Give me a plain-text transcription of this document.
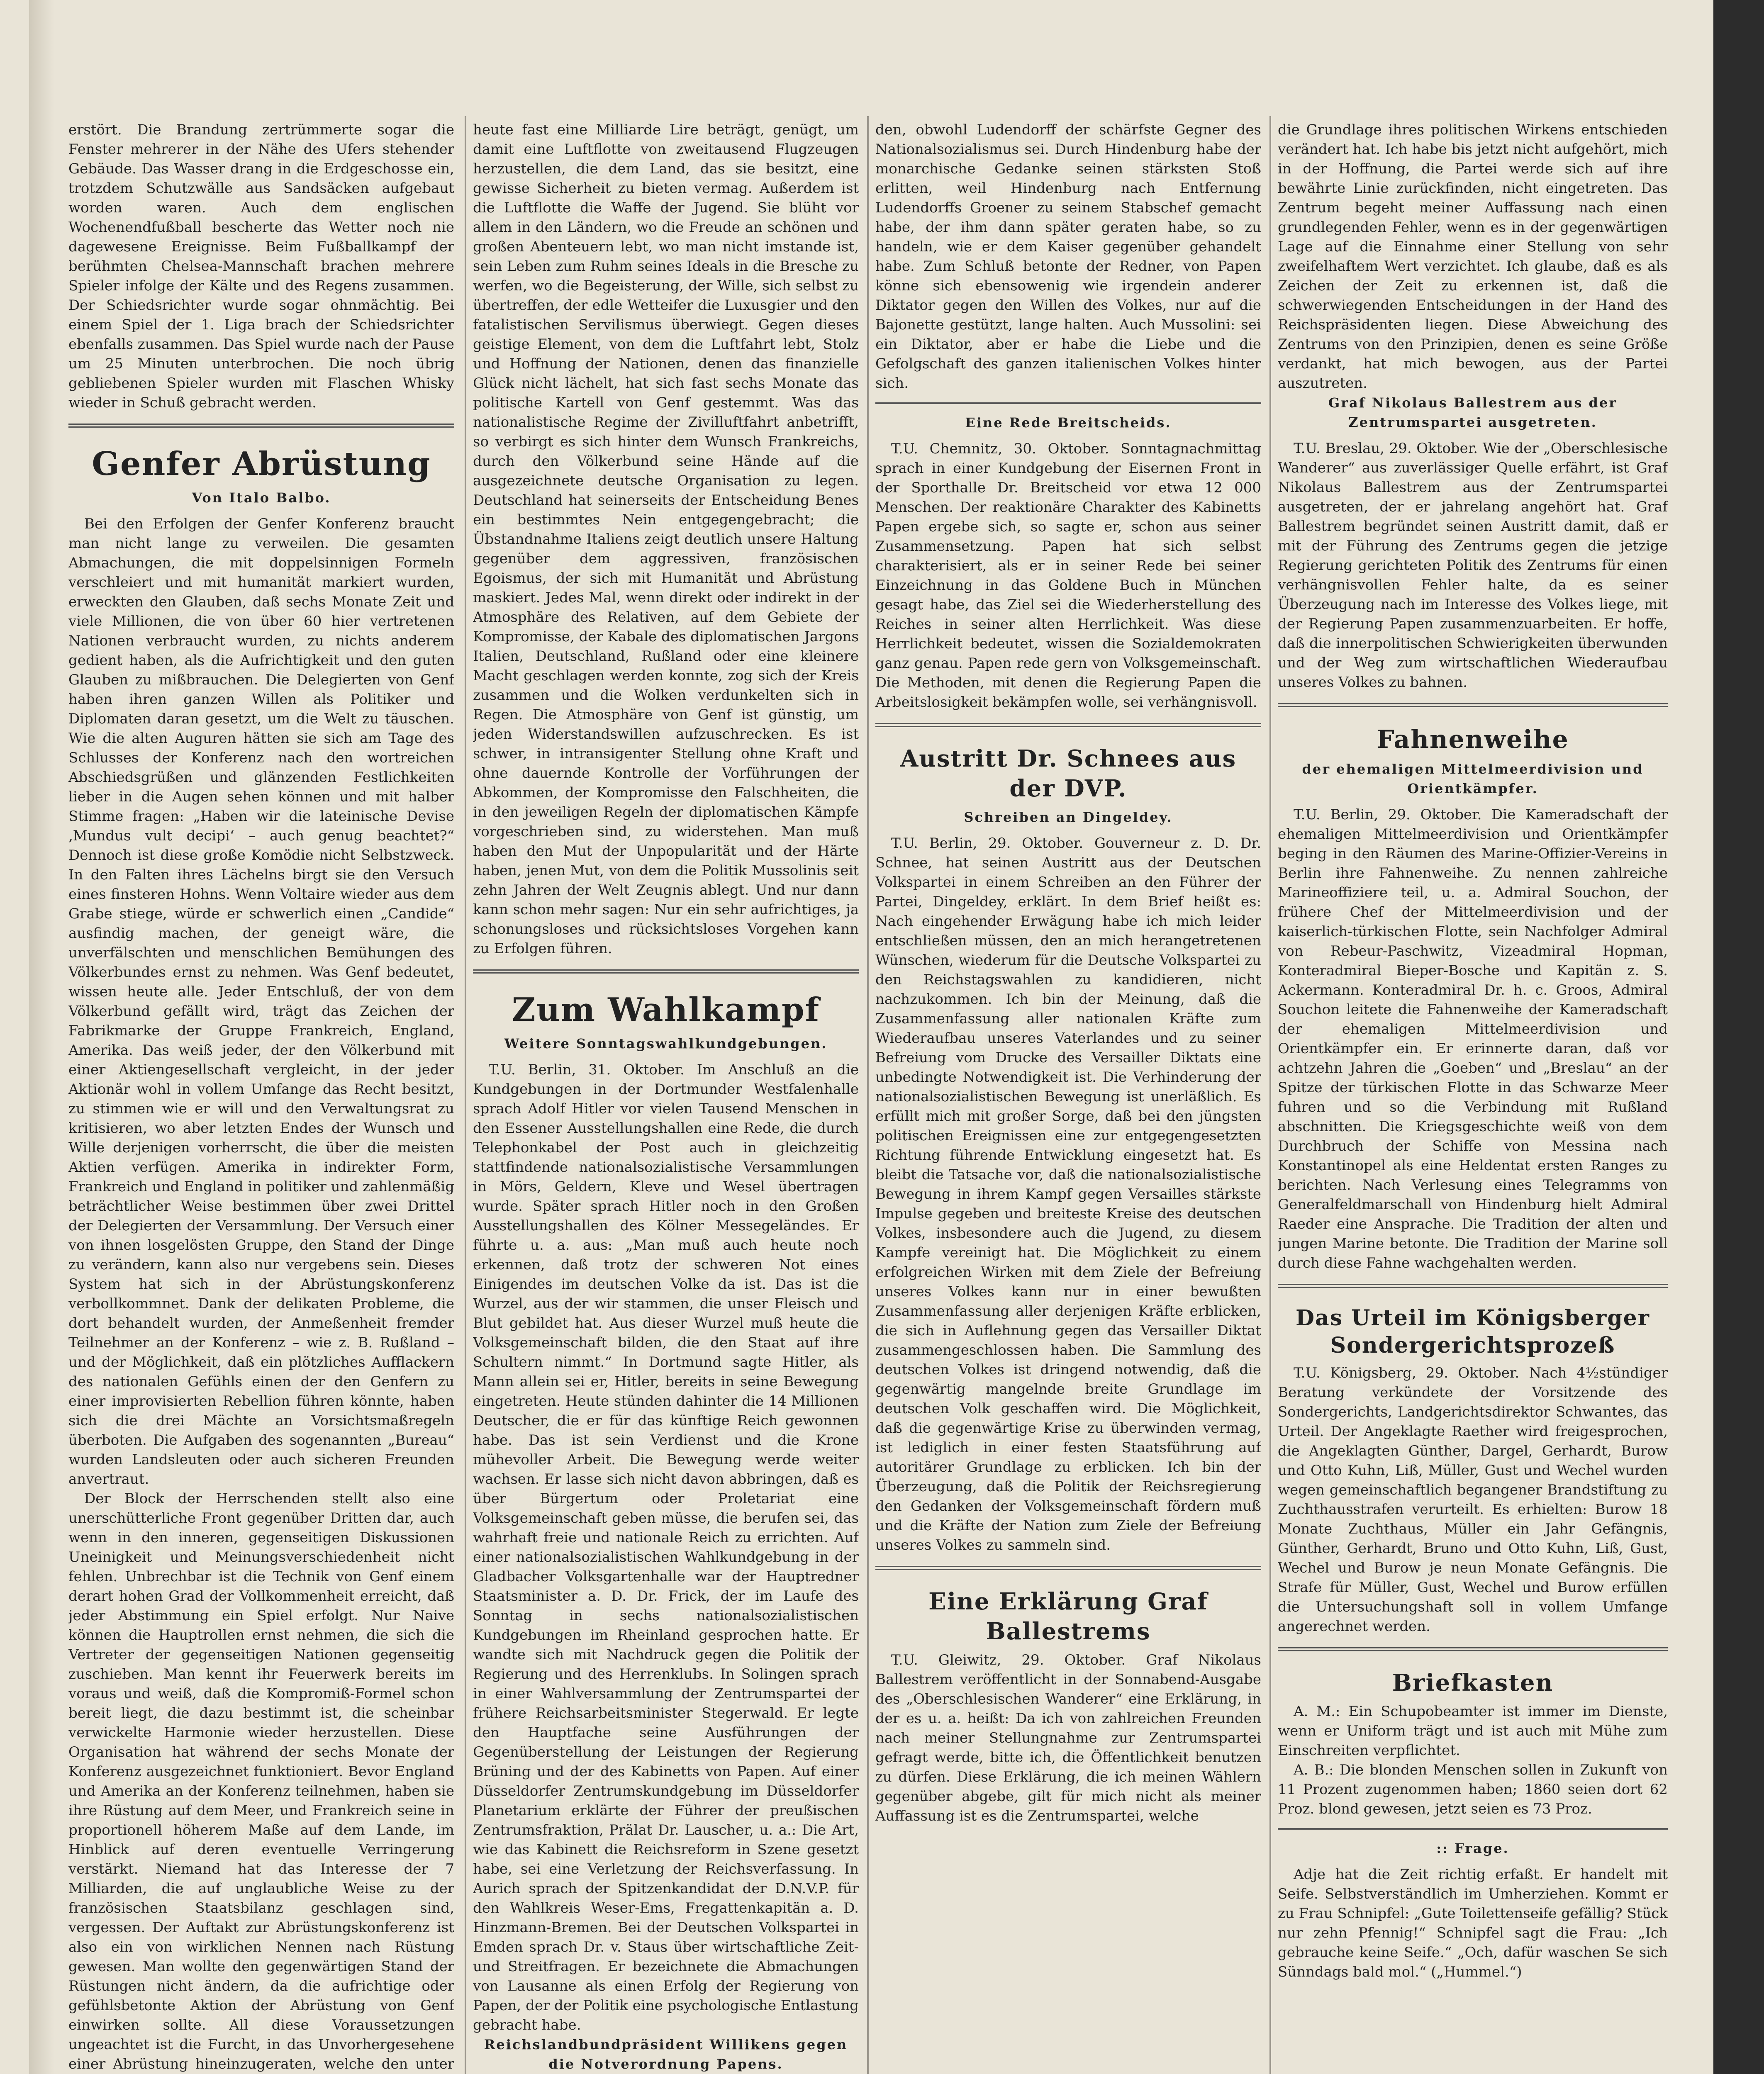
erstört. Die Brandung zertrümmerte sogar die Fenster mehrerer in der Nähe des Ufers stehender Gebäude. Das Wasser drang in die Erdgeschosse ein, trotzdem Schutzwälle aus Sandsäcken aufgebaut worden waren. Auch dem englischen Wochenendfußball bescherte das Wetter noch nie dagewesene Ereignisse. Beim Fußballkampf der berühmten Chelsea-Mannschaft brachen mehrere Spieler infolge der Kälte und des Regens zusammen. Der Schiedsrichter wurde sogar ohnmächtig. Bei einem Spiel der 1. Liga brach der Schiedsrichter ebenfalls zusammen. Das Spiel wurde nach der Pause um 25 Minuten unterbrochen. Die noch übrig gebliebenen Spieler wurden mit Flaschen Whisky wieder in Schuß gebracht werden.

Genfer Abrüstung
Von Italo Balbo.

Bei den Erfolgen der Genfer Konferenz braucht man nicht lange zu verweilen. Die gesamten Abmachungen, die mit doppelsinnigen Formeln verschleiert und mit humanität markiert wurden, erweckten den Glauben, daß sechs Monate Zeit und viele Millionen, die von über 60 hier vertretenen Nationen verbraucht wurden, zu nichts anderem gedient haben, als die Aufrichtigkeit und den guten Glauben zu mißbrauchen. Die Delegierten von Genf haben ihren ganzen Willen als Politiker und Diplomaten daran gesetzt, um die Welt zu täuschen. Wie die alten Auguren hätten sie sich am Tage des Schlusses der Konferenz nach den wortreichen Abschiedsgrüßen und glänzenden Festlichkeiten lieber in die Augen sehen können und mit halber Stimme fragen: „Haben wir die lateinische Devise ‚Mundus vult decipi‘ – auch genug beachtet?“ Dennoch ist diese große Komödie nicht Selbstzweck. In den Falten ihres Lächelns birgt sie den Versuch eines finsteren Hohns. Wenn Voltaire wieder aus dem Grabe stiege, würde er schwerlich einen „Candide“ ausfindig machen, der geneigt wäre, die unverfälschten und menschlichen Bemühungen des Völkerbundes ernst zu nehmen. Was Genf bedeutet, wissen heute alle. Jeder Entschluß, der von dem Völkerbund gefällt wird, trägt das Zeichen der Fabrikmarke der Gruppe Frankreich, England, Amerika. Das weiß jeder, der den Völkerbund mit einer Aktiengesellschaft vergleicht, in der jeder Aktionär wohl in vollem Umfange das Recht besitzt, zu stimmen wie er will und den Verwaltungsrat zu kritisieren, wo aber letzten Endes der Wunsch und Wille derjenigen vorherrscht, die über die meisten Aktien verfügen. Amerika in indirekter Form, Frankreich und England in politiker und zahlenmäßig beträchtlicher Weise bestimmen über zwei Drittel der Delegierten der Versammlung. Der Versuch einer von ihnen losgelösten Gruppe, den Stand der Dinge zu verändern, kann also nur vergebens sein. Dieses System hat sich in der Abrüstungskonferenz verbollkommnet. Dank der delikaten Probleme, die dort behandelt wurden, der Anmeßenheit fremder Teilnehmer an der Konferenz – wie z. B. Rußland – und der Möglichkeit, daß ein plötzliches Aufflackern des nationalen Gefühls einen der den Genfern zu einer improvisierten Rebellion führen könnte, haben sich die drei Mächte an Vorsichtsmaßregeln überboten. Die Aufgaben des sogenannten „Bureau“ wurden Landsleuten oder auch sicheren Freunden anvertraut.

Der Block der Herrschenden stellt also eine unerschütterliche Front gegenüber Dritten dar, auch wenn in den inneren, gegenseitigen Diskussionen Uneinigkeit und Meinungsverschiedenheit nicht fehlen. Unbrechbar ist die Technik von Genf einem derart hohen Grad der Vollkommenheit erreicht, daß jeder Abstimmung ein Spiel erfolgt. Nur Naive können die Hauptrollen ernst nehmen, die sich die Vertreter der gegenseitigen Nationen gegenseitig zuschieben. Man kennt ihr Feuerwerk bereits im voraus und weiß, daß die Kompromiß-Formel schon bereit liegt, die dazu bestimmt ist, die scheinbar verwickelte Harmonie wieder herzustellen. Diese Organisation hat während der sechs Monate der Konferenz ausgezeichnet funktioniert. Bevor England und Amerika an der Konferenz teilnehmen, haben sie ihre Rüstung auf dem Meer, und Frankreich seine in proportionell höherem Maße auf dem Lande, im Hinblick auf deren eventuelle Verringerung verstärkt. Niemand hat das Interesse der 7 Milliarden, die auf unglaubliche Weise zu der französischen Staatsbilanz geschlagen sind, vergessen. Der Auftakt zur Abrüstungskonferenz ist also ein von wirklichen Nennen nach Rüstung gewesen. Man wollte den gegenwärtigen Stand der Rüstungen nicht ändern, da die aufrichtige oder gefühlsbetonte Aktion der Abrüstung von Genf einwirken sollte. All diese Voraussetzungen ungeachtet ist die Furcht, in das Unvorhergesehene einer Abrüstung hineinzugeraten, welche den unter

heute fast eine Milliarde Lire beträgt, genügt, um damit eine Luftflotte von zweitausend Flugzeugen herzustellen, die dem Land, das sie besitzt, eine gewisse Sicherheit zu bieten vermag. Außerdem ist die Luftflotte die Waffe der Jugend. Sie blüht vor allem in den Ländern, wo die Freude an schönen und großen Abenteuern lebt, wo man nicht imstande ist, sein Leben zum Ruhm seines Ideals in die Bresche zu werfen, wo die Begeisterung, der Wille, sich selbst zu übertreffen, der edle Wetteifer die Luxusgier und den fatalistischen Servilismus überwiegt. Gegen dieses geistige Element, von dem die Luftfahrt lebt, Stolz und Hoffnung der Nationen, denen das finanzielle Glück nicht lächelt, hat sich fast sechs Monate das politische Kartell von Genf gestemmt. Was das nationalistische Regime der Zivilluftfahrt anbetrifft, so verbirgt es sich hinter dem Wunsch Frankreichs, durch den Völkerbund seine Hände auf die ausgezeichnete deutsche Organisation zu legen. Deutschland hat seinerseits der Entscheidung Benes ein bestimmtes Nein entgegengebracht; die Übstandnahme Italiens zeigt deutlich unsere Haltung gegenüber dem aggressiven, französischen Egoismus, der sich mit Humanität und Abrüstung maskiert. Jedes Mal, wenn direkt oder indirekt in der Atmosphäre des Relativen, auf dem Gebiete der Kompromisse, der Kabale des diplomatischen Jargons Italien, Deutschland, Rußland oder eine kleinere Macht geschlagen werden konnte, zog sich der Kreis zusammen und die Wolken verdunkelten sich in Regen. Die Atmosphäre von Genf ist günstig, um jeden Widerstandswillen aufzuschrecken. Es ist schwer, in intransigenter Stellung ohne Kraft und ohne dauernde Kontrolle der Vorführungen der Abkommen, der Kompromisse den Falschheiten, die in den jeweiligen Regeln der diplomatischen Kämpfe vorgeschrieben sind, zu widerstehen. Man muß haben den Mut der Unpopularität und der Härte haben, jenen Mut, von dem die Politik Mussolinis seit zehn Jahren der Welt Zeugnis ablegt. Und nur dann kann schon mehr sagen: Nur ein sehr aufrichtiges, ja schonungsloses und rücksichtsloses Vorgehen kann zu Erfolgen führen.

Zum Wahlkampf
Weitere Sonntagswahlkundgebungen.

T.U. Berlin, 31. Oktober. Im Anschluß an die Kundgebungen in der Dortmunder Westfalenhalle sprach Adolf Hitler vor vielen Tausend Menschen in den Essener Ausstellungshallen eine Rede, die durch Telephonkabel der Post auch in gleichzeitig stattfindende nationalsozialistische Versammlungen in Mörs, Geldern, Kleve und Wesel übertragen wurde. Später sprach Hitler noch in den Großen Ausstellungshallen des Kölner Messegeländes. Er führte u. a. aus: „Man muß auch heute noch erkennen, daß trotz der schweren Not eines Einigendes im deutschen Volke da ist. Das ist die Wurzel, aus der wir stammen, die unser Fleisch und Blut gebildet hat. Aus dieser Wurzel muß heute die Volksgemeinschaft bilden, die den Staat auf ihre Schultern nimmt.“ In Dortmund sagte Hitler, als Mann allein sei er, Hitler, bereits in seine Bewegung eingetreten. Heute stünden dahinter die 14 Millionen Deutscher, die er für das künftige Reich gewonnen habe. Das ist sein Verdienst und die Krone mühevoller Arbeit. Die Bewegung werde weiter wachsen. Er lasse sich nicht davon abbringen, daß es über Bürgertum oder Proletariat eine Volksgemeinschaft geben müsse, die berufen sei, das wahrhaft freie und nationale Reich zu errichten. Auf einer nationalsozialistischen Wahlkundgebung in der Gladbacher Volksgartenhalle war der Hauptredner Staatsminister a. D. Dr. Frick, der im Laufe des Sonntag in sechs nationalsozialistischen Kundgebungen im Rheinland gesprochen hatte. Er wandte sich mit Nachdruck gegen die Politik der Regierung und des Herrenklubs. In Solingen sprach in einer Wahlversammlung der Zentrumspartei der frühere Reichsarbeitsminister Stegerwald. Er legte den Hauptfache seine Ausführungen der Gegenüberstellung der Leistungen der Regierung Brüning und der des Kabinetts von Papen. Auf einer Düsseldorfer Zentrumskundgebung im Düsseldorfer Planetarium erklärte der Führer der preußischen Zentrumsfraktion, Prälat Dr. Lauscher, u. a.: Die Art, wie das Kabinett die Reichsreform in Szene gesetzt habe, sei eine Verletzung der Reichsverfassung. In Aurich sprach der Spitzenkandidat der D.N.V.P. für den Wahlkreis Weser-Ems, Fregattenkapitän a. D. Hinzmann-Bremen. Bei der Deutschen Volkspartei in Emden sprach Dr. v. Staus über wirtschaftliche Zeit- und Streitfragen. Er bezeichnete die Abmachungen von Lausanne als einen Erfolg der Regierung von Papen, der der Politik eine psychologische Entlastung gebracht habe.

Reichslandbundpräsident Willikens gegen die Notverordnung Papens.

den, obwohl Ludendorff der schärfste Gegner des Nationalsozialismus sei. Durch Hindenburg habe der monarchische Gedanke seinen stärksten Stoß erlitten, weil Hindenburg nach Entfernung Ludendorffs Groener zu seinem Stabschef gemacht habe, der ihm dann später geraten habe, so zu handeln, wie er dem Kaiser gegenüber gehandelt habe. Zum Schluß betonte der Redner, von Papen könne sich ebensowenig wie irgendein anderer Diktator gegen den Willen des Volkes, nur auf die Bajonette gestützt, lange halten. Auch Mussolini: sei ein Diktator, aber er habe die Liebe und die Gefolgschaft des ganzen italienischen Volkes hinter sich.

Eine Rede Breitscheids.

T.U. Chemnitz, 30. Oktober. Sonntagnachmittag sprach in einer Kundgebung der Eisernen Front in der Sporthalle Dr. Breitscheid vor etwa 12 000 Menschen. Der reaktionäre Charakter des Kabinetts Papen ergebe sich, so sagte er, schon aus seiner Zusammensetzung. Papen hat sich selbst charakterisiert, als er in seiner Rede bei seiner Einzeichnung in das Goldene Buch in München gesagt habe, das Ziel sei die Wiederherstellung des Reiches in seiner alten Herrlichkeit. Was diese Herrlichkeit bedeutet, wissen die Sozialdemokraten ganz genau. Papen rede gern von Volksgemeinschaft. Die Methoden, mit denen die Regierung Papen die Arbeitslosigkeit bekämpfen wolle, sei verhängnisvoll.

Austritt Dr. Schnees aus der DVP.
Schreiben an Dingeldey.

T.U. Berlin, 29. Oktober. Gouverneur z. D. Dr. Schnee, hat seinen Austritt aus der Deutschen Volkspartei in einem Schreiben an den Führer der Partei, Dingeldey, erklärt. In dem Brief heißt es: Nach eingehender Erwägung habe ich mich leider entschließen müssen, den an mich herangetretenen Wünschen, wiederum für die Deutsche Volkspartei zu den Reichstagswahlen zu kandidieren, nicht nachzukommen. Ich bin der Meinung, daß die Zusammenfassung aller nationalen Kräfte zum Wiederaufbau unseres Vaterlandes und zu seiner Befreiung vom Drucke des Versailler Diktats eine unbedingte Notwendigkeit ist. Die Verhinderung der nationalsozialistischen Bewegung ist unerläßlich. Es erfüllt mich mit großer Sorge, daß bei den jüngsten politischen Ereignissen eine zur entgegengesetzten Richtung führende Entwicklung eingesetzt hat. Es bleibt die Tatsache vor, daß die nationalsozialistische Bewegung in ihrem Kampf gegen Versailles stärkste Impulse gegeben und breiteste Kreise des deutschen Volkes, insbesondere auch die Jugend, zu diesem Kampfe vereinigt hat. Die Möglichkeit zu einem erfolgreichen Wirken mit dem Ziele der Befreiung unseres Volkes kann nur in einer bewußten Zusammenfassung aller derjenigen Kräfte erblicken, die sich in Auflehnung gegen das Versailler Diktat zusammengeschlossen haben. Die Sammlung des deutschen Volkes ist dringend notwendig, daß die gegenwärtig mangelnde breite Grundlage im deutschen Volk geschaffen wird. Die Möglichkeit, daß die gegenwärtige Krise zu überwinden vermag, ist lediglich in einer festen Staatsführung auf autoritärer Grundlage zu erblicken. Ich bin der Überzeugung, daß die Politik der Reichsregierung den Gedanken der Volksgemeinschaft fördern muß und die Kräfte der Nation zum Ziele der Befreiung unseres Volkes zu sammeln sind.

Eine Erklärung Graf Ballestrems

T.U. Gleiwitz, 29. Oktober. Graf Nikolaus Ballestrem veröffentlicht in der Sonnabend-Ausgabe des „Oberschlesischen Wanderer“ eine Erklärung, in der es u. a. heißt: Da ich von zahlreichen Freunden nach meiner Stellungnahme zur Zentrumspartei gefragt werde, bitte ich, die Öffentlichkeit benutzen zu dürfen. Diese Erklärung, die ich meinen Wählern gegenüber abgebe, gilt für mich nicht als meiner Auffassung ist es die Zentrumspartei, welche

die Grundlage ihres politischen Wirkens entschieden verändert hat. Ich habe bis jetzt nicht aufgehört, mich in der Hoffnung, die Partei werde sich auf ihre bewährte Linie zurückfinden, nicht eingetreten. Das Zentrum begeht meiner Auffassung nach einen grundlegenden Fehler, wenn es in der gegenwärtigen Lage auf die Einnahme einer Stellung von sehr zweifelhaftem Wert verzichtet. Ich glaube, daß es als Zeichen der Zeit zu erkennen ist, daß die schwerwiegenden Entscheidungen in der Hand des Reichspräsidenten liegen. Diese Abweichung des Zentrums von den Prinzipien, denen es seine Größe verdankt, hat mich bewogen, aus der Partei auszutreten.

Graf Nikolaus Ballestrem aus der Zentrumspartei ausgetreten.

T.U. Breslau, 29. Oktober. Wie der „Oberschlesische Wanderer“ aus zuverlässiger Quelle erfährt, ist Graf Nikolaus Ballestrem aus der Zentrumspartei ausgetreten, der er jahrelang angehört hat. Graf Ballestrem begründet seinen Austritt damit, daß er mit der Führung des Zentrums gegen die jetzige Regierung gerichteten Politik des Zentrums für einen verhängnisvollen Fehler halte, da es seiner Überzeugung nach im Interesse des Volkes liege, mit der Regierung Papen zusammenzuarbeiten. Er hoffe, daß die innerpolitischen Schwierigkeiten überwunden und der Weg zum wirtschaftlichen Wiederaufbau unseres Volkes zu bahnen.

Fahnenweihe
der ehemaligen Mittelmeerdivision und Orientkämpfer.

T.U. Berlin, 29. Oktober. Die Kameradschaft der ehemaligen Mittelmeerdivision und Orientkämpfer beging in den Räumen des Marine-Offizier-Vereins in Berlin ihre Fahnenweihe. Zu nennen zahlreiche Marineoffiziere teil, u. a. Admiral Souchon, der frühere Chef der Mittelmeerdivision und der kaiserlich-türkischen Flotte, sein Nachfolger Admiral von Rebeur-Paschwitz, Vizeadmiral Hopman, Konteradmiral Bieper-Bosche und Kapitän z. S. Ackermann. Konteradmiral Dr. h. c. Groos, Admiral Souchon leitete die Fahnenweihe der Kameradschaft der ehemaligen Mittelmeerdivision und Orientkämpfer ein. Er erinnerte daran, daß vor achtzehn Jahren die „Goeben“ und „Breslau“ an der Spitze der türkischen Flotte in das Schwarze Meer fuhren und so die Verbindung mit Rußland abschnitten. Die Kriegsgeschichte weiß von dem Durchbruch der Schiffe von Messina nach Konstantinopel als eine Heldentat ersten Ranges zu berichten. Nach Verlesung eines Telegramms von Generalfeldmarschall von Hindenburg hielt Admiral Raeder eine Ansprache. Die Tradition der alten und jungen Marine betonte. Die Tradition der Marine soll durch diese Fahne wachgehalten werden.

Das Urteil im Königsberger Sondergerichtsprozeß

T.U. Königsberg, 29. Oktober. Nach 4½stündiger Beratung verkündete der Vorsitzende des Sondergerichts, Landgerichtsdirektor Schwantes, das Urteil. Der Angeklagte Raether wird freigesprochen, die Angeklagten Günther, Dargel, Gerhardt, Burow und Otto Kuhn, Liß, Müller, Gust und Wechel wurden wegen gemeinschaftlich begangener Brandstiftung zu Zuchthausstrafen verurteilt. Es erhielten: Burow 18 Monate Zuchthaus, Müller ein Jahr Gefängnis, Günther, Gerhardt, Bruno und Otto Kuhn, Liß, Gust, Wechel und Burow je neun Monate Gefängnis. Die Strafe für Müller, Gust, Wechel und Burow erfüllen die Untersuchungshaft soll in vollem Umfange angerechnet werden.

Briefkasten

A. M.: Ein Schupobeamter ist immer im Dienste, wenn er Uniform trägt und ist auch mit Mühe zum Einschreiten verpflichtet.

A. B.: Die blonden Menschen sollen in Zukunft von 11 Prozent zugenommen haben; 1860 seien dort 62 Proz. blond gewesen, jetzt seien es 73 Proz.

:: Frage.

Adje hat die Zeit richtig erfaßt. Er handelt mit Seife. Selbstverständlich im Umherziehen. Kommt er zu Frau Schnipfel: „Gute Toilettenseife gefällig? Stück nur zehn Pfennig!“ Schnipfel sagt die Frau: „Ich gebrauche keine Seife.“ „Och, dafür waschen Se sich Sünndags bald mol.“ („Hummel.“)
